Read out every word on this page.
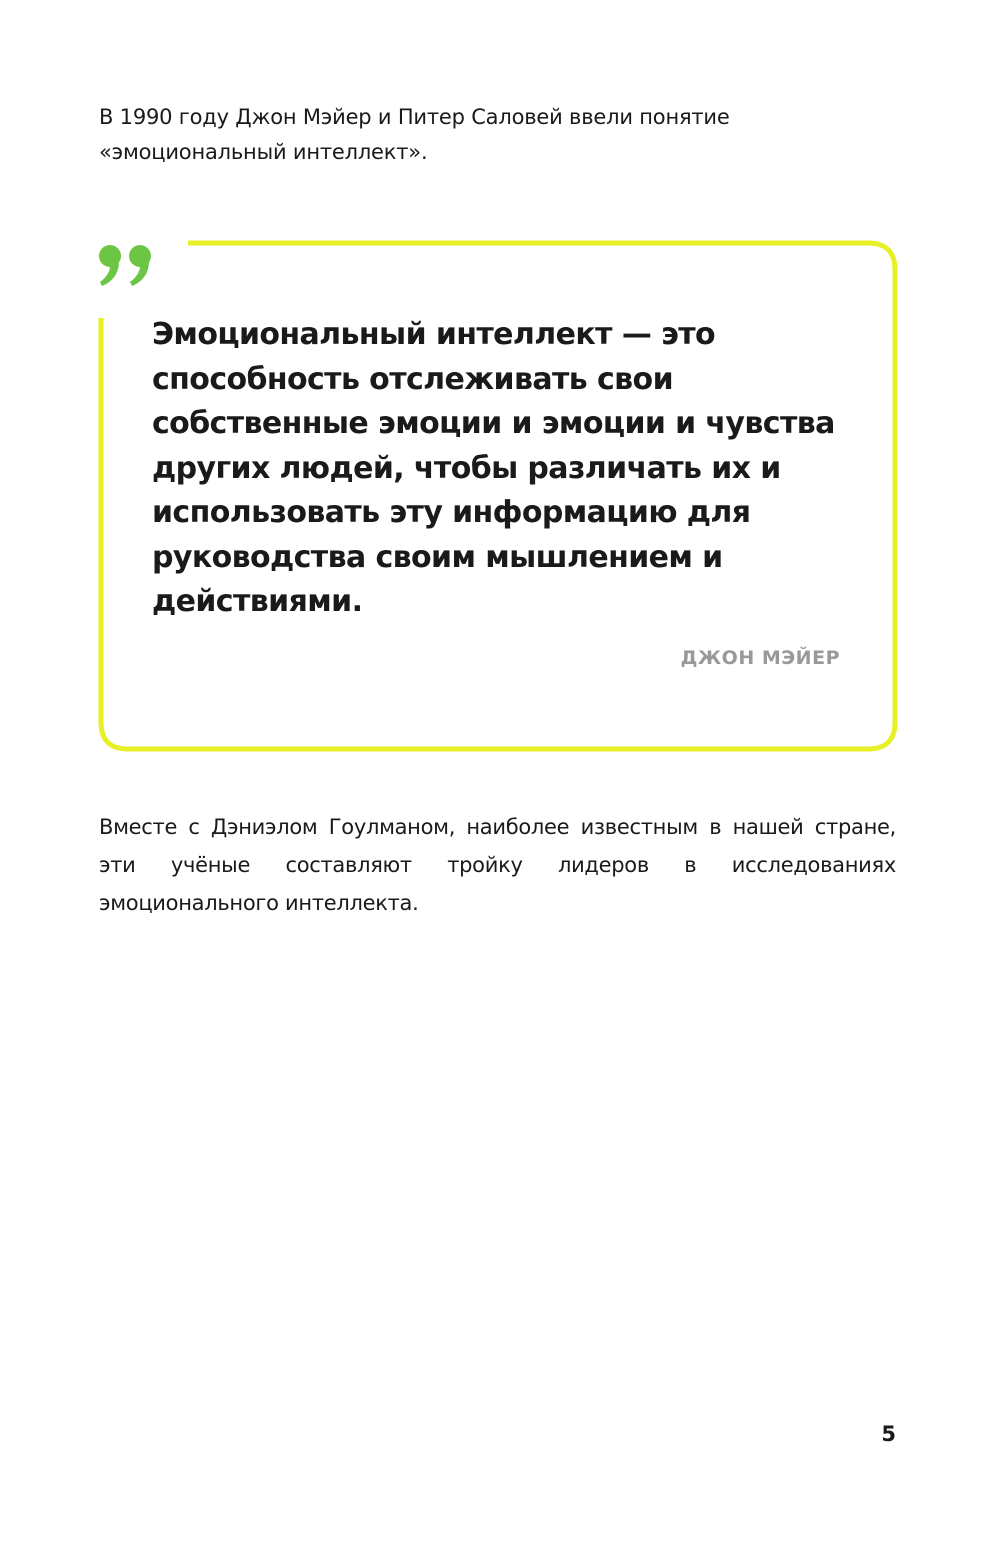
В 1990 году Джон Мэйер и Питер Саловей ввели понятие «эмоциональный интеллект».

Эмоциональный интеллект — это способность отслеживать свои собственные эмоции и эмоции и чувства других людей, чтобы различать их и использовать эту информацию для руководства своим мышлением и действиями.

ДЖОН МЭЙЕР

Вместе с Дэниэлом Гоулманом, наиболее известным в нашей стране, эти учёные составляют тройку лидеров в исследованиях эмоционального интеллекта.

5
